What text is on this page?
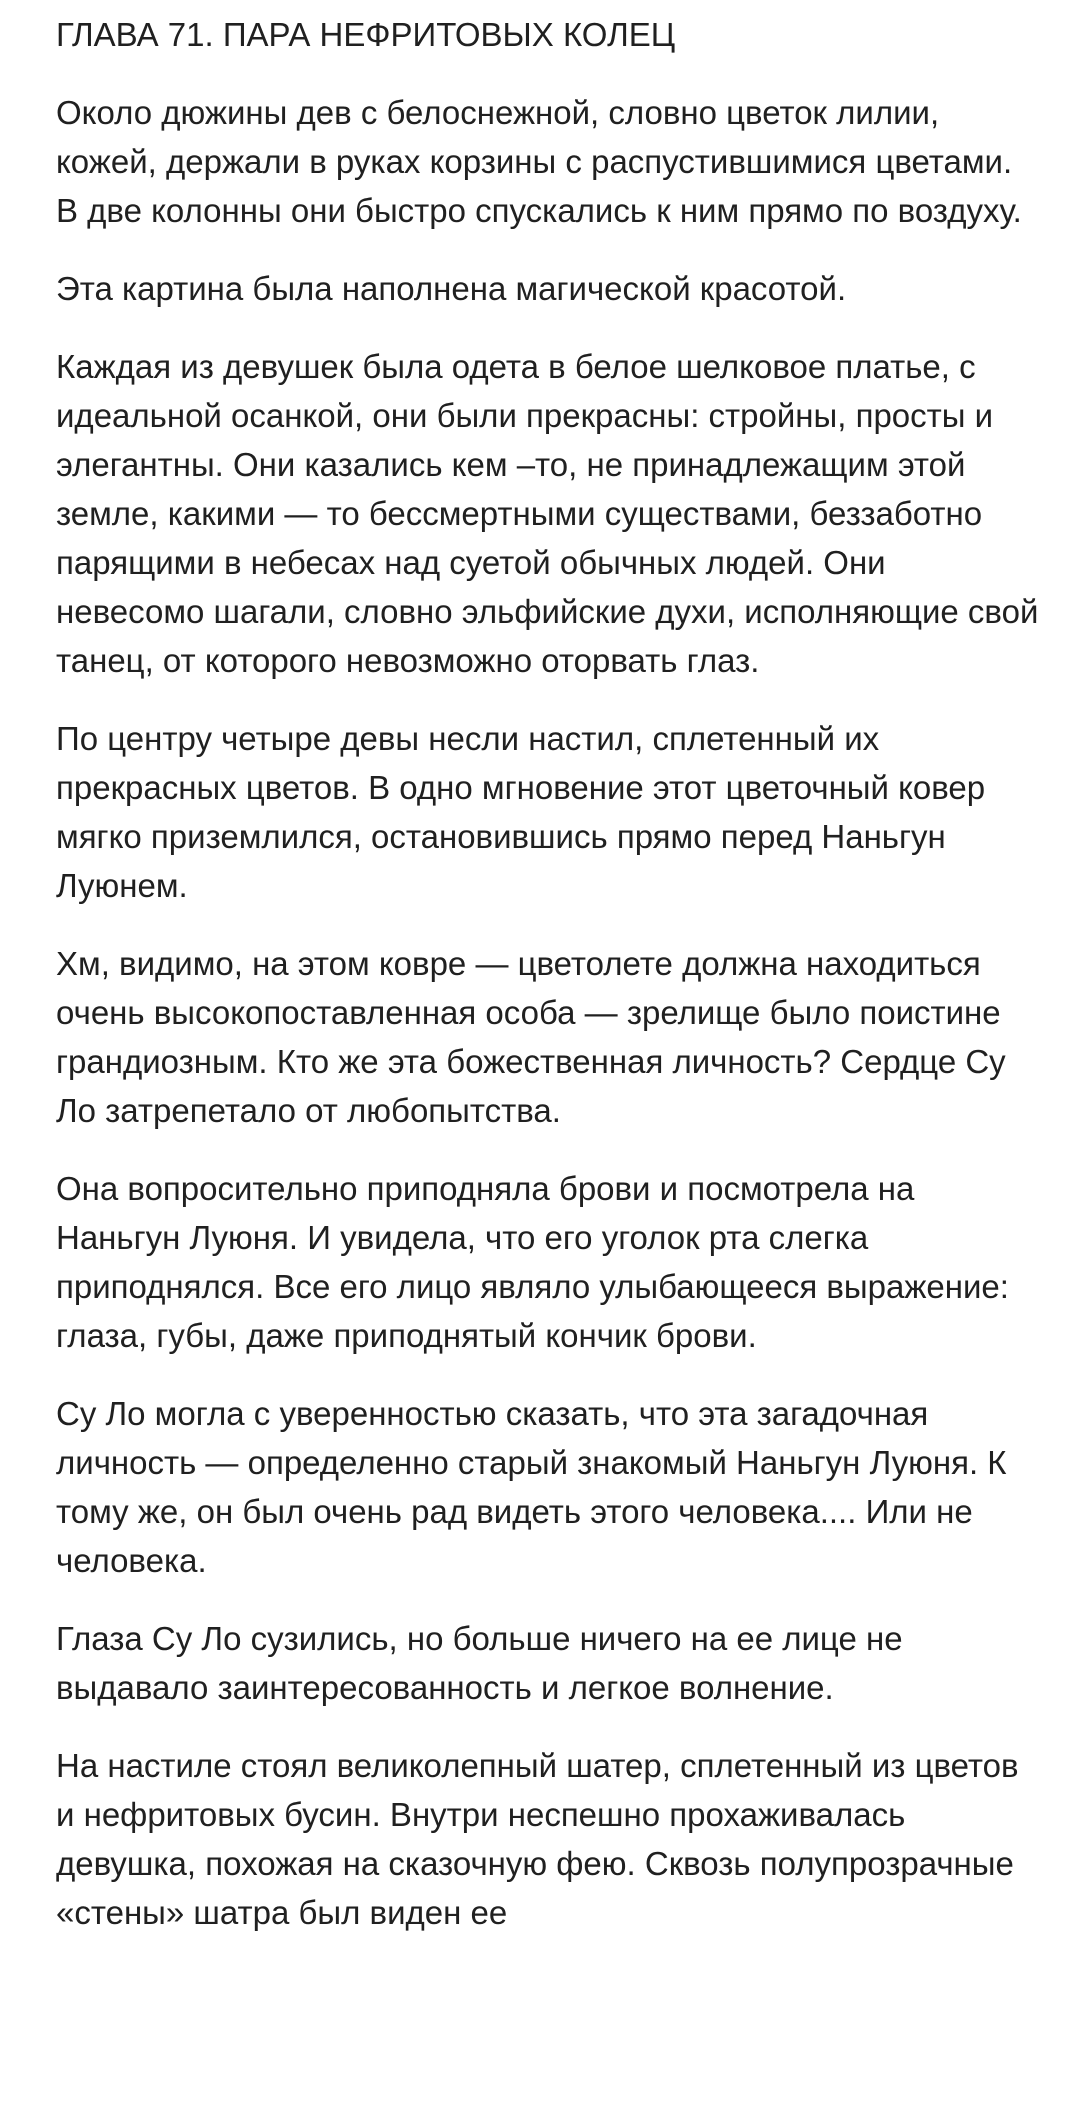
ГЛАВА 71. ПАРА НЕФРИТОВЫХ КОЛЕЦ

Около дюжины дев с белоснежной, словно цветок лилии, кожей, держали в руках корзины с распустившимися цветами. В две колонны они быстро спускались к ним прямо по воздуху.

Эта картина была наполнена магической красотой.

Каждая из девушек была одета в белое шелковое платье, с идеальной осанкой, они были прекрасны: стройны, просты и элегантны. Они казались кем –то, не принадлежащим этой земле, какими — то бессмертными существами, беззаботно парящими в небесах над суетой обычных людей. Они невесомо шагали, словно эльфийские духи, исполняющие свой танец, от которого невозможно оторвать глаз.

По центру четыре девы несли настил, сплетенный их прекрасных цветов. В одно мгновение этот цветочный ковер мягко приземлился, остановившись прямо перед Наньгун Луюнем.

Хм, видимо, на этом ковре — цветолете должна находиться очень высокопоставленная особа — зрелище было поистине грандиозным. Кто же эта божественная личность? Сердце Су Ло затрепетало от любопытства.

Она вопросительно приподняла брови и посмотрела на Наньгун Луюня. И увидела, что его уголок рта слегка приподнялся. Все его лицо являло улыбающееся выражение: глаза, губы, даже приподнятый кончик брови.

Су Ло могла с уверенностью сказать, что эта загадочная личность — определенно старый знакомый Наньгун Луюня. К тому же, он был очень рад видеть этого человека.... Или не человека.

Глаза Су Ло сузились, но больше ничего на ее лице не выдавало заинтересованность и легкое волнение.

На настиле стоял великолепный шатер, сплетенный из цветов и нефритовых бусин. Внутри неспешно прохаживалась девушка, похожая на сказочную фею. Сквозь полупрозрачные «стены» шатра был виден ее
